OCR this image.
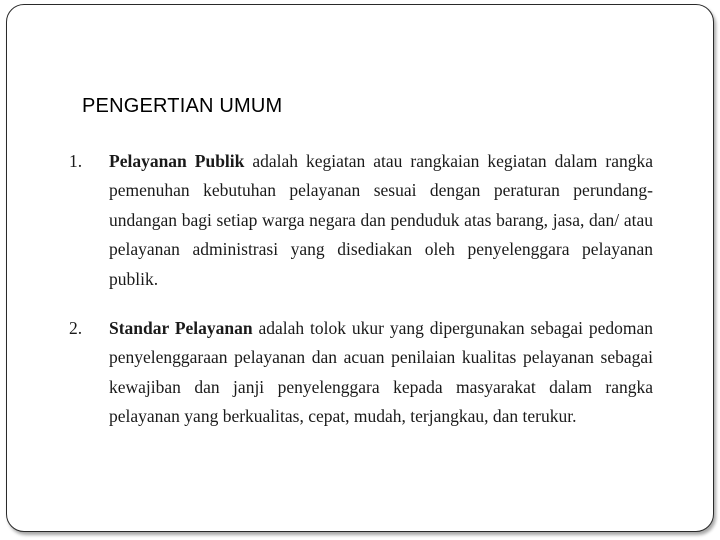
PENGERTIAN UMUM
1.	Pelayanan Publik adalah kegiatan atau rangkaian kegiatan dalam rangka pemenuhan kebutuhan pelayanan sesuai dengan peraturan perundang-undangan bagi setiap warga negara dan penduduk atas barang, jasa, dan/ atau pelayanan administrasi yang disediakan oleh penyelenggara pelayanan publik.
2.	Standar Pelayanan adalah tolok ukur yang dipergunakan sebagai pedoman penyelenggaraan pelayanan dan acuan penilaian kualitas pelayanan sebagai kewajiban dan janji penyelenggara kepada masyarakat dalam rangka pelayanan yang berkualitas, cepat, mudah, terjangkau, dan terukur.
